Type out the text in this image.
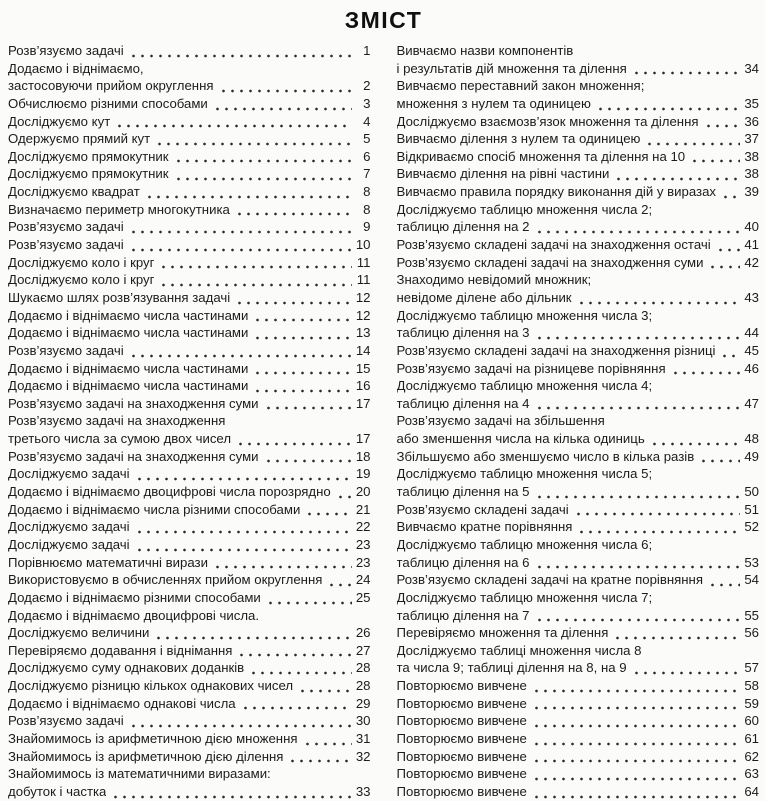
ЗМІСТ
Розв’язуємо задачі	1
Додаємо і віднімаємо,
застосовуючи прийом округлення	2
Обчислюємо різними способами	3
Досліджуємо кут	4
Одержуємо прямий кут	5
Досліджуємо прямокутник	6
Досліджуємо прямокутник	7
Досліджуємо квадрат	8
Визначаємо периметр многокутника	8
Розв’язуємо задачі	9
Розв’язуємо задачі	10
Досліджуємо коло і круг	11
Досліджуємо коло і круг	11
Шукаємо шлях розв’язування задачі	12
Додаємо і віднімаємо числа частинами	12
Додаємо і віднімаємо числа частинами	13
Розв’язуємо задачі	14
Додаємо і віднімаємо числа частинами	15
Додаємо і віднімаємо числа частинами	16
Розв’язуємо задачі на знаходження суми	17
Розв’язуємо задачі на знаходження
третього числа за сумою двох чисел	17
Розв’язуємо задачі на знаходження суми	18
Досліджуємо задачі	19
Додаємо і віднімаємо двоцифрові числа порозрядно 20
Додаємо і віднімаємо числа різними способами	21
Досліджуємо задачі	22
Досліджуємо задачі	23
Порівнюємо математичні вирази	23
Використовуємо в обчисленнях прийом округлення	24
Додаємо і віднімаємо різними способами	25
Додаємо і віднімаємо двоцифрові числа.
Досліджуємо величини	26
Перевіряємо додавання і віднімання	27
Досліджуємо суму однакових доданків	28
Досліджуємо різницю кількох однакових чисел	28
Додаємо і віднімаємо однакові числа	29
Розв’язуємо задачі	30
Знайомимось із арифметичною дією множення	31
Знайомимось із арифметичною дією ділення	32
Знайомимось із математичними виразами:
добуток і частка	33
Вивчаємо назви компонентів
і результатів дій множення та ділення	34
Вивчаємо переставний закон множення;
множення з нулем та одиницею	35
Досліджуємо взаємозв’язок множення та ділення	36
Вивчаємо ділення з нулем та одиницею	37
Відкриваємо спосіб множення та ділення на 10	38
Вивчаємо ділення на рівні частини	38
Вивчаємо правила порядку виконання дій у виразах 39
Досліджуємо таблицю множення числа 2;
таблицю ділення на 2	40
Розв’язуємо складені задачі на знаходження остачі	41
Розв’язуємо складені задачі на знаходження суми	42
Знаходимо невідомий множник;
невідоме ділене або дільник	43
Досліджуємо таблицю множення числа 3;
таблицю ділення на 3	44
Розв’язуємо складені задачі на знаходження різниці 45
Розв’язуємо задачі на різницеве порівняння	46
Досліджуємо таблицю множення числа 4;
таблицю ділення на 4	47
Розв’язуємо задачі на збільшення
або зменшення числа на кілька одиниць	48
Збільшуємо або зменшуємо число в кілька разів	49
Досліджуємо таблицю множення числа 5;
таблицю ділення на 5	50
Розв’язуємо складені задачі	51
Вивчаємо кратне порівняння	52
Досліджуємо таблицю множення числа 6;
таблицю ділення на 6	53
Розв’язуємо складені задачі на кратне порівняння	54
Досліджуємо таблицю множення числа 7;
таблицю ділення на 7	55
Перевіряємо множення та ділення	56
Досліджуємо таблиці множення числа 8
та числа 9; таблиці ділення на 8, на 9	57
Повторюємо вивчене	58
Повторюємо вивчене	59
Повторюємо вивчене	60
Повторюємо вивчене	61
Повторюємо вивчене	62
Повторюємо вивчене	63
Повторюємо вивчене	64
